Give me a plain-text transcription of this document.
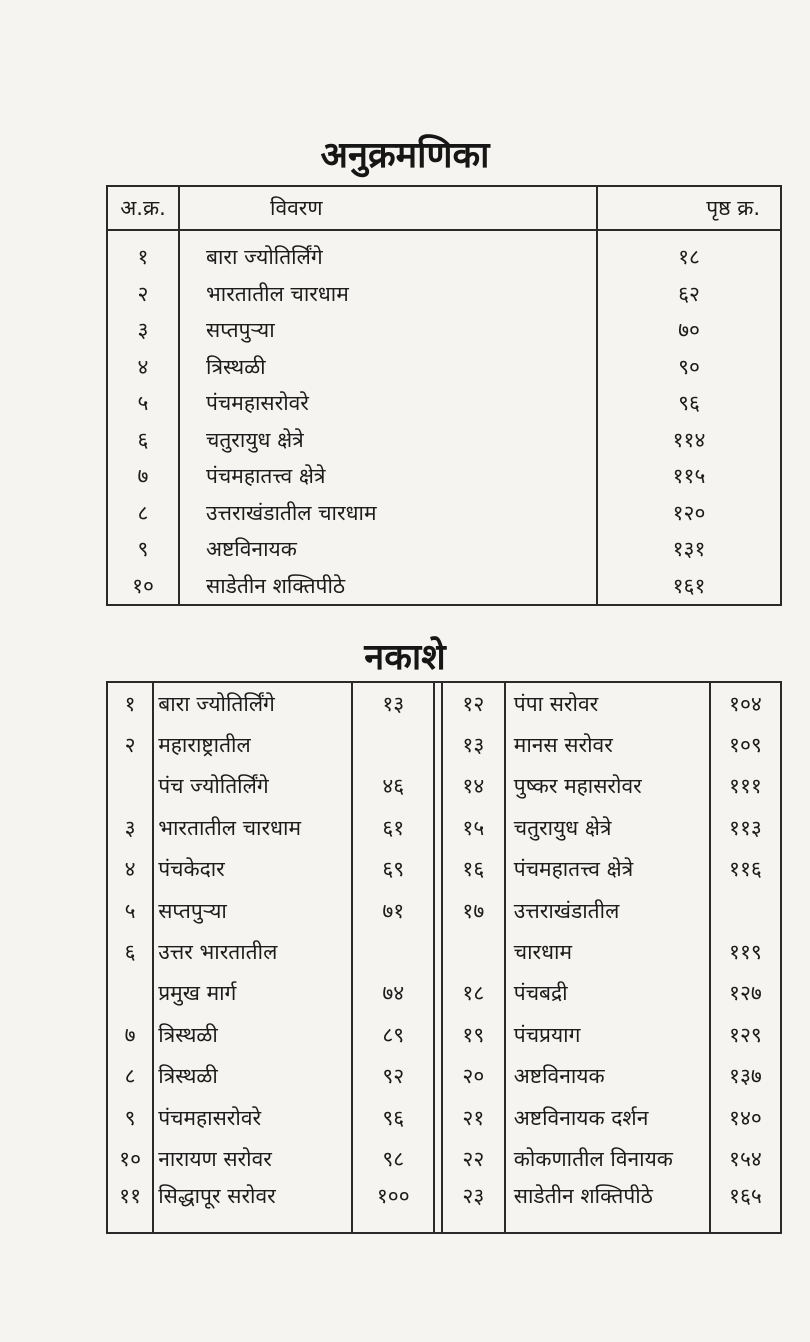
अनुक्रमणिका
अ.क्र.	विवरण	पृष्ठ क्र.
१	बारा ज्योतिर्लिंगे	१८
२	भारतातील चारधाम	६२
३	सप्तपुऱ्या	७०
४	त्रिस्थळी	९०
५	पंचमहासरोवरे	९६
६	चतुरायुध क्षेत्रे	११४
७	पंचमहातत्त्व क्षेत्रे	११५
८	उत्तराखंडातील चारधाम	१२०
९	अष्टविनायक	१३१
१०	साडेतीन शक्तिपीठे	१६१
नकाशे
१	बारा ज्योतिर्लिंगे	१३		१२	पंपा सरोवर	१०४
२	महाराष्ट्रातील			१३	मानस सरोवर	१०९
	पंच ज्योतिर्लिंगे	४६		१४	पुष्कर महासरोवर	१११
३	भारतातील चारधाम	६१		१५	चतुरायुध क्षेत्रे	११३
४	पंचकेदार	६९		१६	पंचमहातत्त्व क्षेत्रे	११६
५	सप्तपुऱ्या	७१		१७	उत्तराखंडातील	
६	उत्तर भारतातील				चारधाम	११९
	प्रमुख मार्ग	७४		१८	पंचबद्री	१२७
७	त्रिस्थळी	८९		१९	पंचप्रयाग	१२९
८	त्रिस्थळी	९२		२०	अष्टविनायक	१३७
९	पंचमहासरोवरे	९६		२१	अष्टविनायक दर्शन	१४०
१०	नारायण सरोवर	९८		२२	कोकणातील विनायक	१५४
११	सिद्धापूर सरोवर	१००		२३	साडेतीन शक्तिपीठे	१६५
